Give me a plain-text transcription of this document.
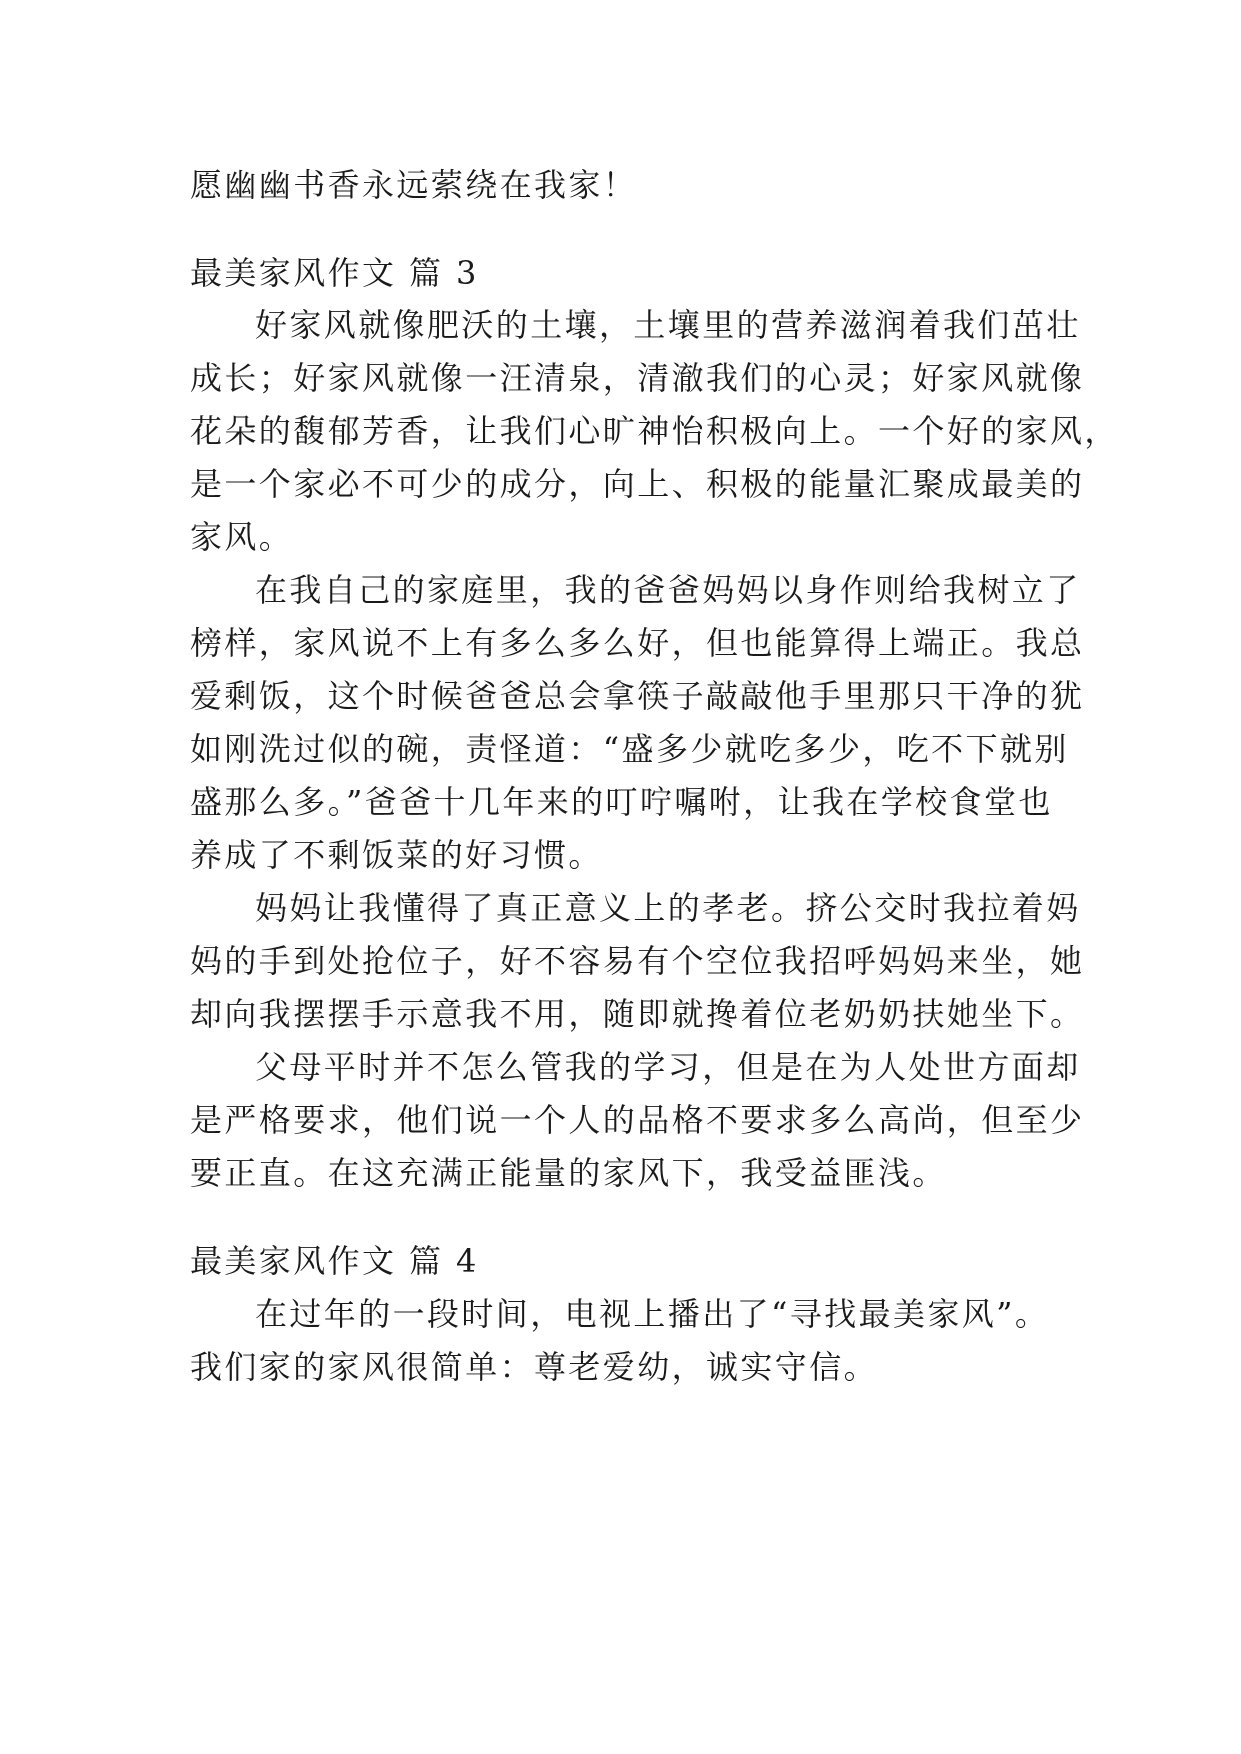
愿幽幽书香永远萦绕在我家！
最美家风作文 篇 3
好家风就像肥沃的土壤，土壤里的营养滋润着我们茁壮
成长；好家风就像一汪清泉，清澈我们的心灵；好家风就像
花朵的馥郁芳香，让我们心旷神怡积极向上。一个好的家风，
是一个家必不可少的成分，向上、积极的能量汇聚成最美的
家风。
在我自己的家庭里，我的爸爸妈妈以身作则给我树立了
榜样，家风说不上有多么多么好，但也能算得上端正。我总
爱剩饭，这个时候爸爸总会拿筷子敲敲他手里那只干净的犹
如刚洗过似的碗，责怪道：“盛多少就吃多少，吃不下就别
盛那么多。”爸爸十几年来的叮咛嘱咐，让我在学校食堂也
养成了不剩饭菜的好习惯。
妈妈让我懂得了真正意义上的孝老。挤公交时我拉着妈
妈的手到处抢位子，好不容易有个空位我招呼妈妈来坐，她
却向我摆摆手示意我不用，随即就搀着位老奶奶扶她坐下。
父母平时并不怎么管我的学习，但是在为人处世方面却
是严格要求，他们说一个人的品格不要求多么高尚，但至少
要正直。在这充满正能量的家风下，我受益匪浅。
最美家风作文 篇 4
在过年的一段时间，电视上播出了“寻找最美家风”。
我们家的家风很简单：尊老爱幼，诚实守信。
